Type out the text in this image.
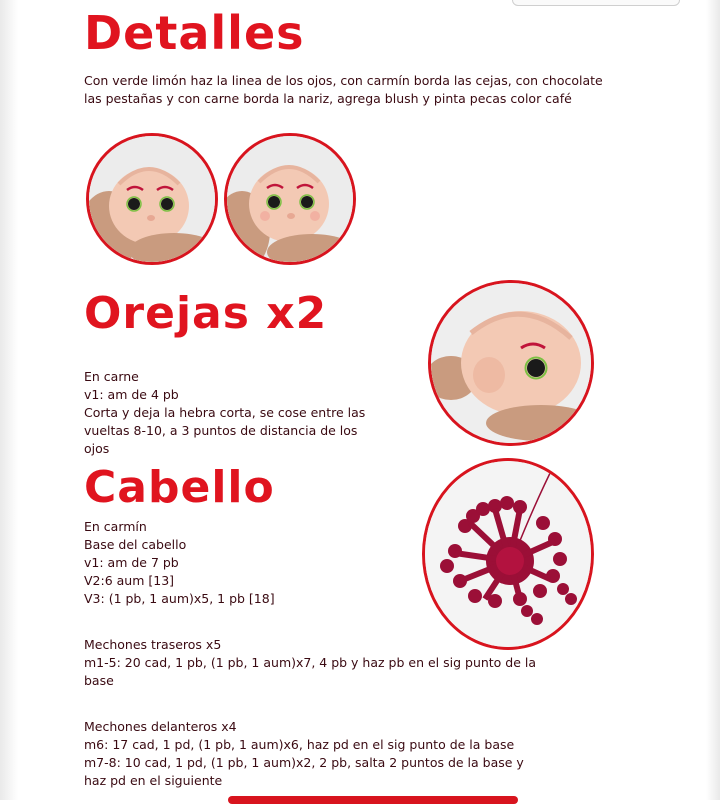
Detalles

Con verde limón haz la linea de los ojos, con carmín borda las cejas, con chocolate

las pestañas y con carne borda la nariz, agrega blush y pinta pecas color café

Orejas x2

En carne

v1: am de 4 pb

Corta y deja la hebra corta, se cose entre las

vueltas 8-10, a 3 puntos de distancia de los

ojos

Cabello

En carmín

Base del cabello

v1: am de 7 pb

V2:6 aum [13]

V3: (1 pb, 1 aum)x5, 1 pb [18]

Mechones traseros x5

m1-5: 20 cad, 1 pb, (1 pb, 1 aum)x7, 4 pb y haz pb en el sig punto de la

base

Mechones delanteros x4

m6: 17 cad, 1 pd, (1 pb, 1 aum)x6, haz pd en el sig punto de la base

m7-8: 10 cad, 1 pd, (1 pb, 1 aum)x2, 2 pb, salta 2 puntos de la base y

haz pd en el siguiente
